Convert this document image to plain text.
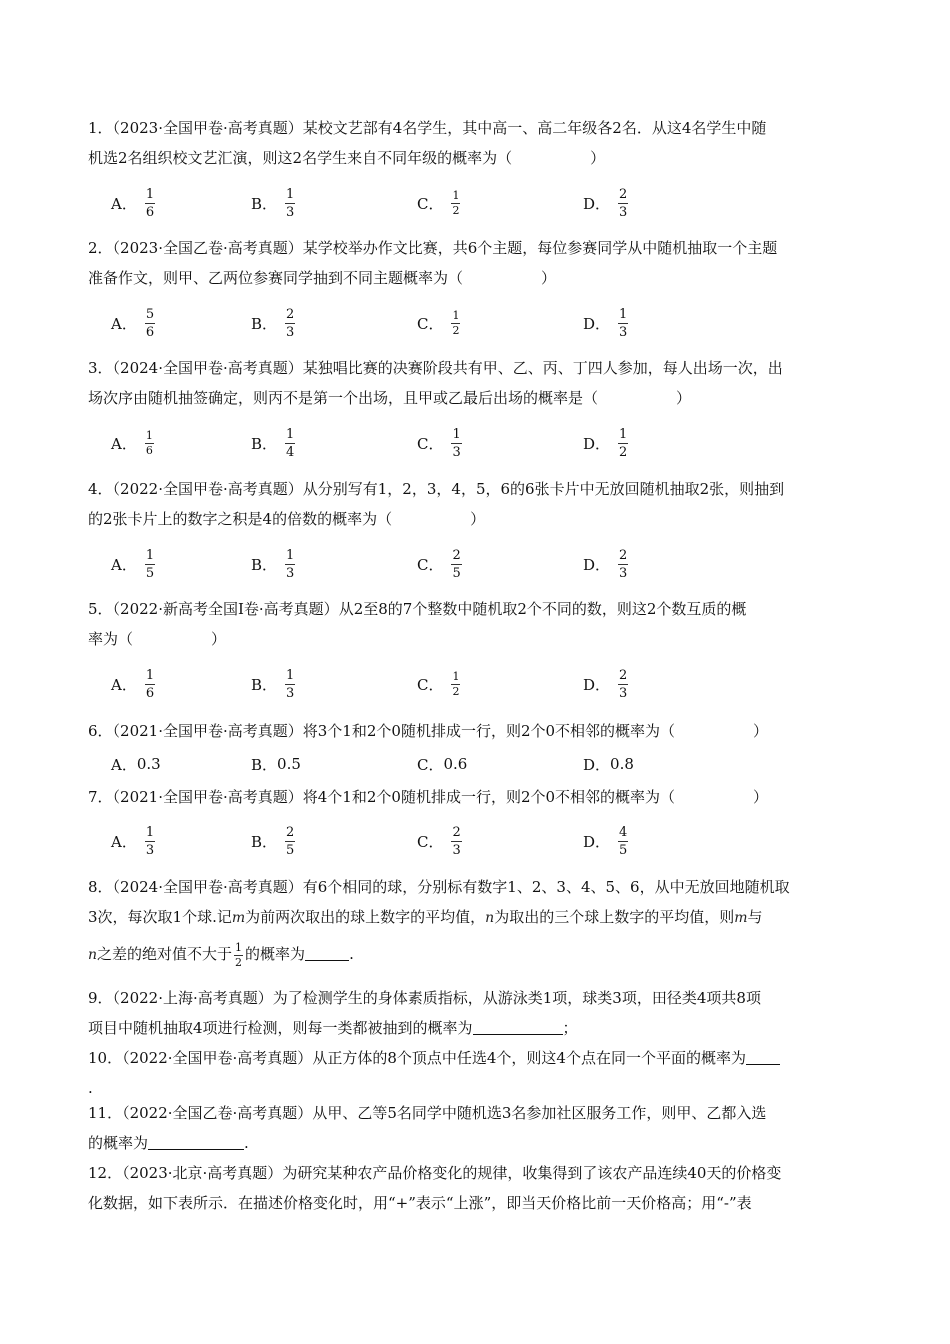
1．（2023·全国甲卷·高考真题）某校文艺部有4名学生，其中高一、高二年级各2名．从这4名学生中随
机选2名组织校文艺汇演，则这2名学生来自不同年级的概率为（	）
A． $\frac{1}{6}$	B． $\frac{1}{3}$	C． $\frac{1}{2}$	D． $\frac{2}{3}$
2．（2023·全国乙卷·高考真题）某学校举办作文比赛，共6个主题，每位参赛同学从中随机抽取一个主题
准备作文，则甲、乙两位参赛同学抽到不同主题概率为（	）
A． $\frac{5}{6}$	B． $\frac{2}{3}$	C． $\frac{1}{2}$	D． $\frac{1}{3}$
3．（2024·全国甲卷·高考真题）某独唱比赛的决赛阶段共有甲、乙、丙、丁四人参加，每人出场一次，出
场次序由随机抽签确定，则丙不是第一个出场，且甲或乙最后出场的概率是（	）
A． $\frac{1}{6}$	B． $\frac{1}{4}$	C． $\frac{1}{3}$	D． $\frac{1}{2}$
4．（2022·全国甲卷·高考真题）从分别写有1，2，3，4，5，6的6张卡片中无放回随机抽取2张，则抽到
的2张卡片上的数字之积是4的倍数的概率为（	）
A． $\frac{1}{5}$	B． $\frac{1}{3}$	C． $\frac{2}{5}$	D． $\frac{2}{3}$
5．（2022·新高考全国Ⅰ卷·高考真题）从2至8的7个整数中随机取2个不同的数，则这2个数互质的概
率为（	）
A． $\frac{1}{6}$	B． $\frac{1}{3}$	C． $\frac{1}{2}$	D． $\frac{2}{3}$
6．（2021·全国甲卷·高考真题）将3个1和2个0随机排成一行，则2个0不相邻的概率为（	）
A． 0.3	B． 0.5	C． 0.6	D． 0.8
7．（2021·全国甲卷·高考真题）将4个1和2个0随机排成一行，则2个0不相邻的概率为（	）
A． $\frac{1}{3}$	B． $\frac{2}{5}$	C． $\frac{2}{3}$	D． $\frac{4}{5}$
8．（2024·全国甲卷·高考真题）有6个相同的球，分别标有数字1、2、3、4、5、6，从中无放回地随机取
3次，每次取1个球.记m为前两次取出的球上数字的平均值，n为取出的三个球上数字的平均值，则m与
n之差的绝对值不大于 $\frac{1}{2}$ 的概率为	.
9．（2022·上海·高考真题）为了检测学生的身体素质指标，从游泳类1项，球类3项，田径类4项共8项
项目中随机抽取4项进行检测，则每一类都被抽到的概率为	；
10．（2022·全国甲卷·高考真题）从正方体的8个顶点中任选4个，则这4个点在同一个平面的概率为
.
11．（2022·全国乙卷·高考真题）从甲、乙等5名同学中随机选3名参加社区服务工作，则甲、乙都入选
的概率为	.
12．（2023·北京·高考真题）为研究某种农产品价格变化的规律，收集得到了该农产品连续40天的价格变
化数据，如下表所示．在描述价格变化时，用“+”表示“上涨”，即当天价格比前一天价格高；用“-”表
